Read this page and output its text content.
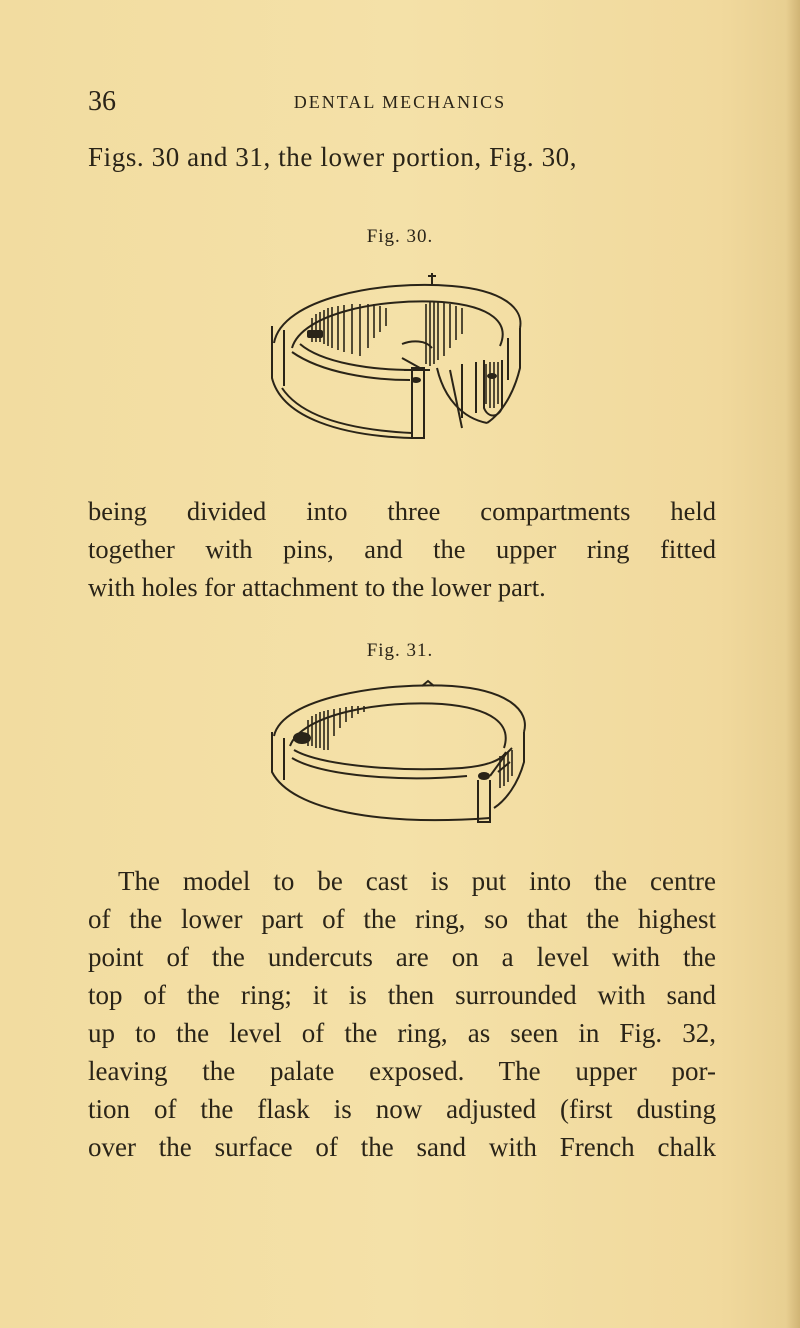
36	DENTAL MECHANICS

Figs. 30 and 31, the lower portion, Fig. 30,

Fig. 30.

being divided into three compartments held
together with pins, and the upper ring fitted
with holes for attachment to the lower part.

Fig. 31.

The model to be cast is put into the centre
of the lower part of the ring, so that the highest
point of the undercuts are on a level with the
top of the ring; it is then surrounded with sand
up to the level of the ring, as seen in Fig. 32,
leaving the palate exposed. The upper por-
tion of the flask is now adjusted (first dusting
over the surface of the sand with French chalk
